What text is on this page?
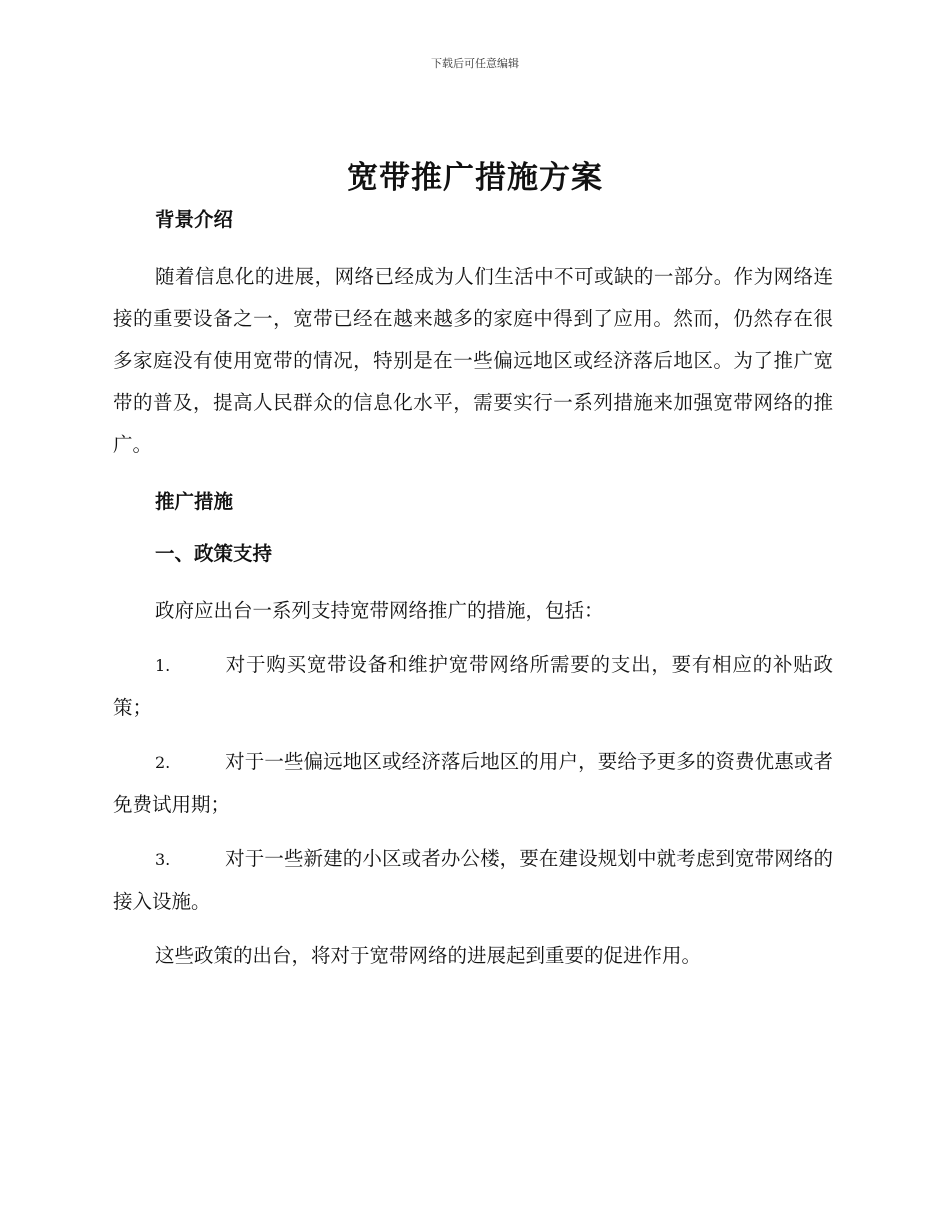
下载后可任意编辑
宽带推广措施方案

背景介绍

随着信息化的进展，网络已经成为人们生活中不可或缺的一部分。作为网络连接的重要设备之一，宽带已经在越来越多的家庭中得到了应用。然而，仍然存在很多家庭没有使用宽带的情况，特别是在一些偏远地区或经济落后地区。为了推广宽带的普及，提高人民群众的信息化水平，需要实行一系列措施来加强宽带网络的推广。

推广措施

一、政策支持

政府应出台一系列支持宽带网络推广的措施，包括：

1.	对于购买宽带设备和维护宽带网络所需要的支出，要有相应的补贴政策；

2.	对于一些偏远地区或经济落后地区的用户，要给予更多的资费优惠或者免费试用期；

3.	对于一些新建的小区或者办公楼，要在建设规划中就考虑到宽带网络的接入设施。

这些政策的出台，将对于宽带网络的进展起到重要的促进作用。
